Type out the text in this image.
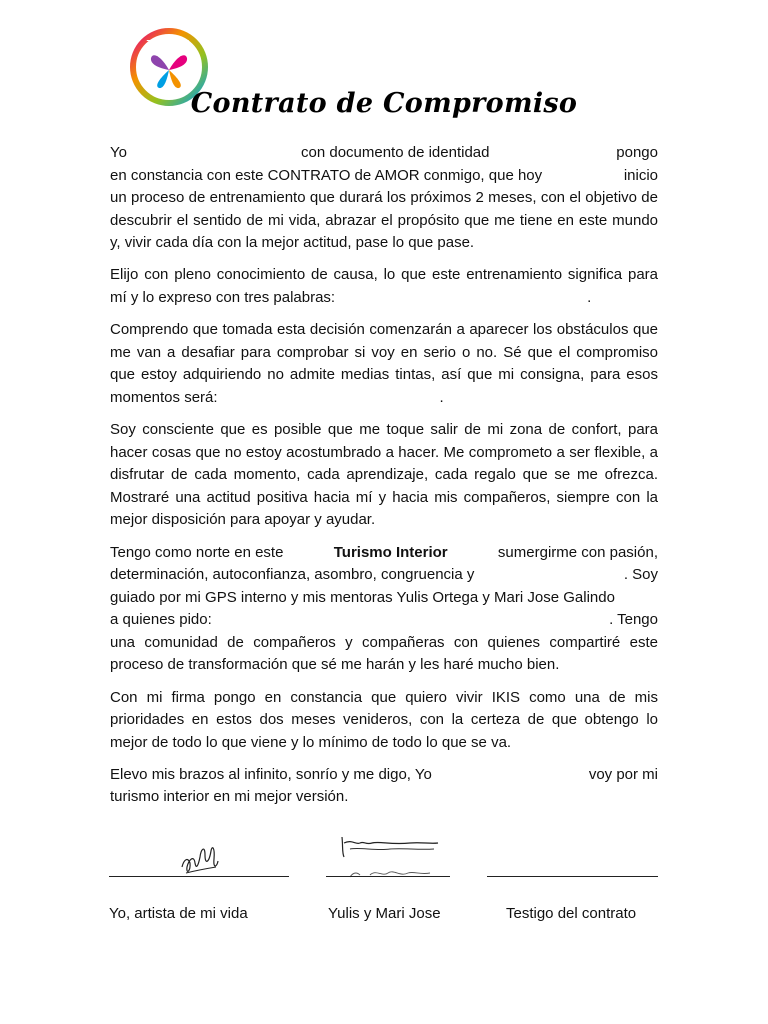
TUMAFACIL
Contrato de Compromiso
Yo	con documento de identidad	pongo
en constancia con este CONTRATO de AMOR conmigo, que hoy	inicio
un proceso de entrenamiento que durará los próximos 2 meses, con el objetivo de descubrir el sentido de mi vida, abrazar el propósito que me tiene en este mundo y, vivir cada día con la mejor actitud, pase lo que pase.
Elijo con pleno conocimiento de causa, lo que este entrenamiento significa para mí y lo expreso con tres palabras:	.
Comprendo que tomada esta decisión comenzarán a aparecer los obstáculos que me van a desafiar para comprobar si voy en serio o no. Sé que el compromiso que estoy adquiriendo no admite medias tintas, así que mi consigna, para esos momentos será:	.
Soy consciente que es posible que me toque salir de mi zona de confort, para hacer cosas que no estoy acostumbrado a hacer. Me comprometo a ser flexible, a disfrutar de cada momento, cada aprendizaje, cada regalo que se me ofrezca. Mostraré una actitud positiva hacia mí y hacia mis compañeros, siempre con la mejor disposición para apoyar y ayudar.
Tengo como norte en este	Turismo Interior	sumergirme con pasión,
determinación, autoconfianza, asombro, congruencia y	. Soy
guiado por mi GPS interno y mis mentoras Yulis Ortega y Mari Jose Galindo
a quienes pido:	. Tengo
una comunidad de compañeros y compañeras con quienes compartiré este proceso de transformación que sé me harán y les haré mucho bien.
Con mi firma pongo en constancia que quiero vivir IKIS como una de mis prioridades en estos dos meses venideros, con la certeza de que obtengo lo mejor de todo lo que viene y lo mínimo de todo lo que se va.
Elevo mis brazos al infinito, sonrío y me digo, Yo	voy por mi
turismo interior en mi mejor versión.
Yo, artista de mi vida	Yulis y Mari Jose	Testigo del contrato
